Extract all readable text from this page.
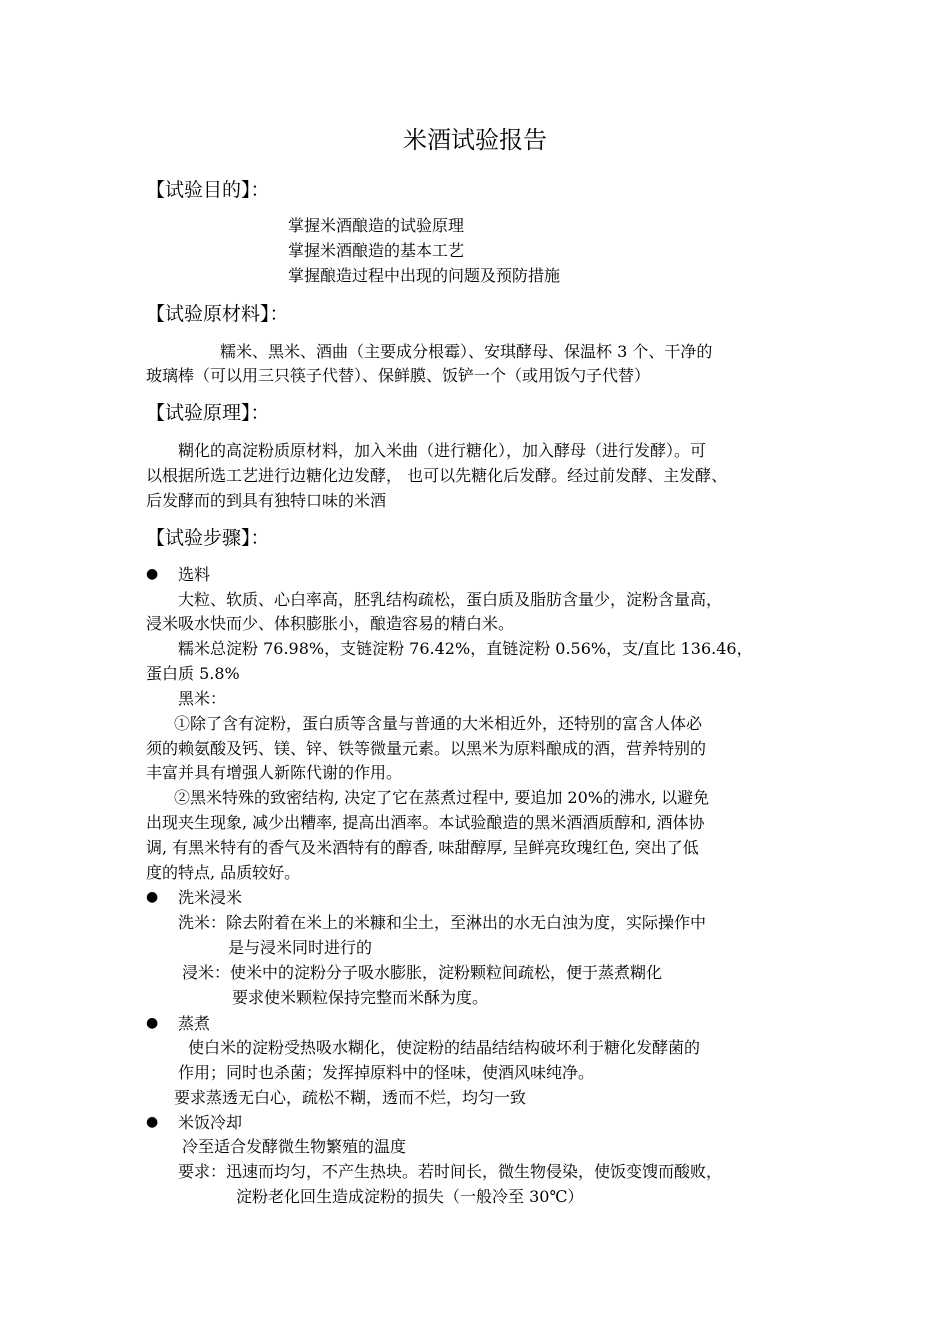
米酒试验报告
【试验目的】：
掌握米酒酿造的试验原理
掌握米酒酿造的基本工艺
掌握酿造过程中出现的问题及预防措施
【试验原材料】：
糯米、黑米、酒曲（主要成分根霉）、安琪酵母、保温杯 3 个、干净的
玻璃棒（可以用三只筷子代替）、保鲜膜、饭铲一个（或用饭勺子代替）
【试验原理】：
糊化的高淀粉质原材料，加入米曲（进行糖化），加入酵母（进行发酵）。可
以根据所选工艺进行边糖化边发酵， 也可以先糖化后发酵。经过前发酵、主发酵、
后发酵而的到具有独特口味的米酒
【试验步骤】：
● 选料
大粒、软质、心白率高，胚乳结构疏松，蛋白质及脂肪含量少，淀粉含量高，
浸米吸水快而少、体积膨胀小，酿造容易的精白米。
糯米总淀粉 76.98%，支链淀粉 76.42%，直链淀粉 0.56%，支/直比 136.46，
蛋白质 5.8%
黑米：
①除了含有淀粉，蛋白质等含量与普通的大米相近外，还特别的富含人体必
须的赖氨酸及钙、镁、锌、铁等微量元素。以黑米为原料酿成的酒，营养特别的
丰富并具有增强人新陈代谢的作用。
②黑米特殊的致密结构, 决定了它在蒸煮过程中, 要追加 20%的沸水, 以避免
出现夹生现象, 减少出糟率, 提高出酒率。本试验酿造的黑米酒酒质醇和, 酒体协
调, 有黑米特有的香气及米酒特有的醇香, 味甜醇厚, 呈鲜亮玫瑰红色, 突出了低
度的特点, 品质较好。
● 洗米浸米
洗米：除去附着在米上的米糠和尘土，至淋出的水无白浊为度，实际操作中
是与浸米同时进行的
浸米：使米中的淀粉分子吸水膨胀，淀粉颗粒间疏松，便于蒸煮糊化
要求使米颗粒保持完整而米酥为度。
● 蒸煮
使白米的淀粉受热吸水糊化，使淀粉的结晶结结构破坏利于糖化发酵菌的
作用；同时也杀菌；发挥掉原料中的怪味，使酒风味纯净。
要求蒸透无白心，疏松不糊，透而不烂，均匀一致
● 米饭冷却
冷至适合发酵微生物繁殖的温度
要求：迅速而均匀，不产生热块。若时间长，微生物侵染，使饭变馊而酸败，
淀粉老化回生造成淀粉的损失（一般冷至 30℃）
